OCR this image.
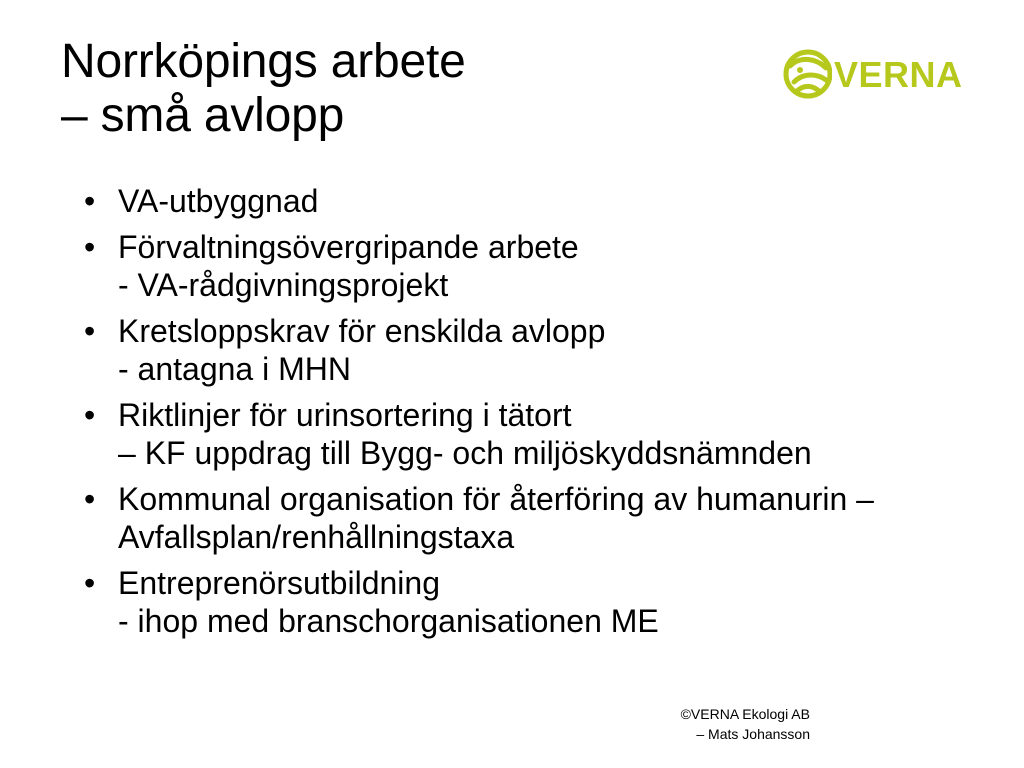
Norrköpings arbete
– små avlopp
VERNA
• VA-utbyggnad
• Förvaltningsövergripande arbete
- VA-rådgivningsprojekt
• Kretsloppskrav för enskilda avlopp
- antagna i MHN
• Riktlinjer för urinsortering i tätort
– KF uppdrag till Bygg- och miljöskyddsnämnden
• Kommunal organisation för återföring av humanurin – Avfallsplan/renhållningstaxa
• Entreprenörsutbildning
- ihop med branschorganisationen ME
©VERNA Ekologi AB
– Mats Johansson
